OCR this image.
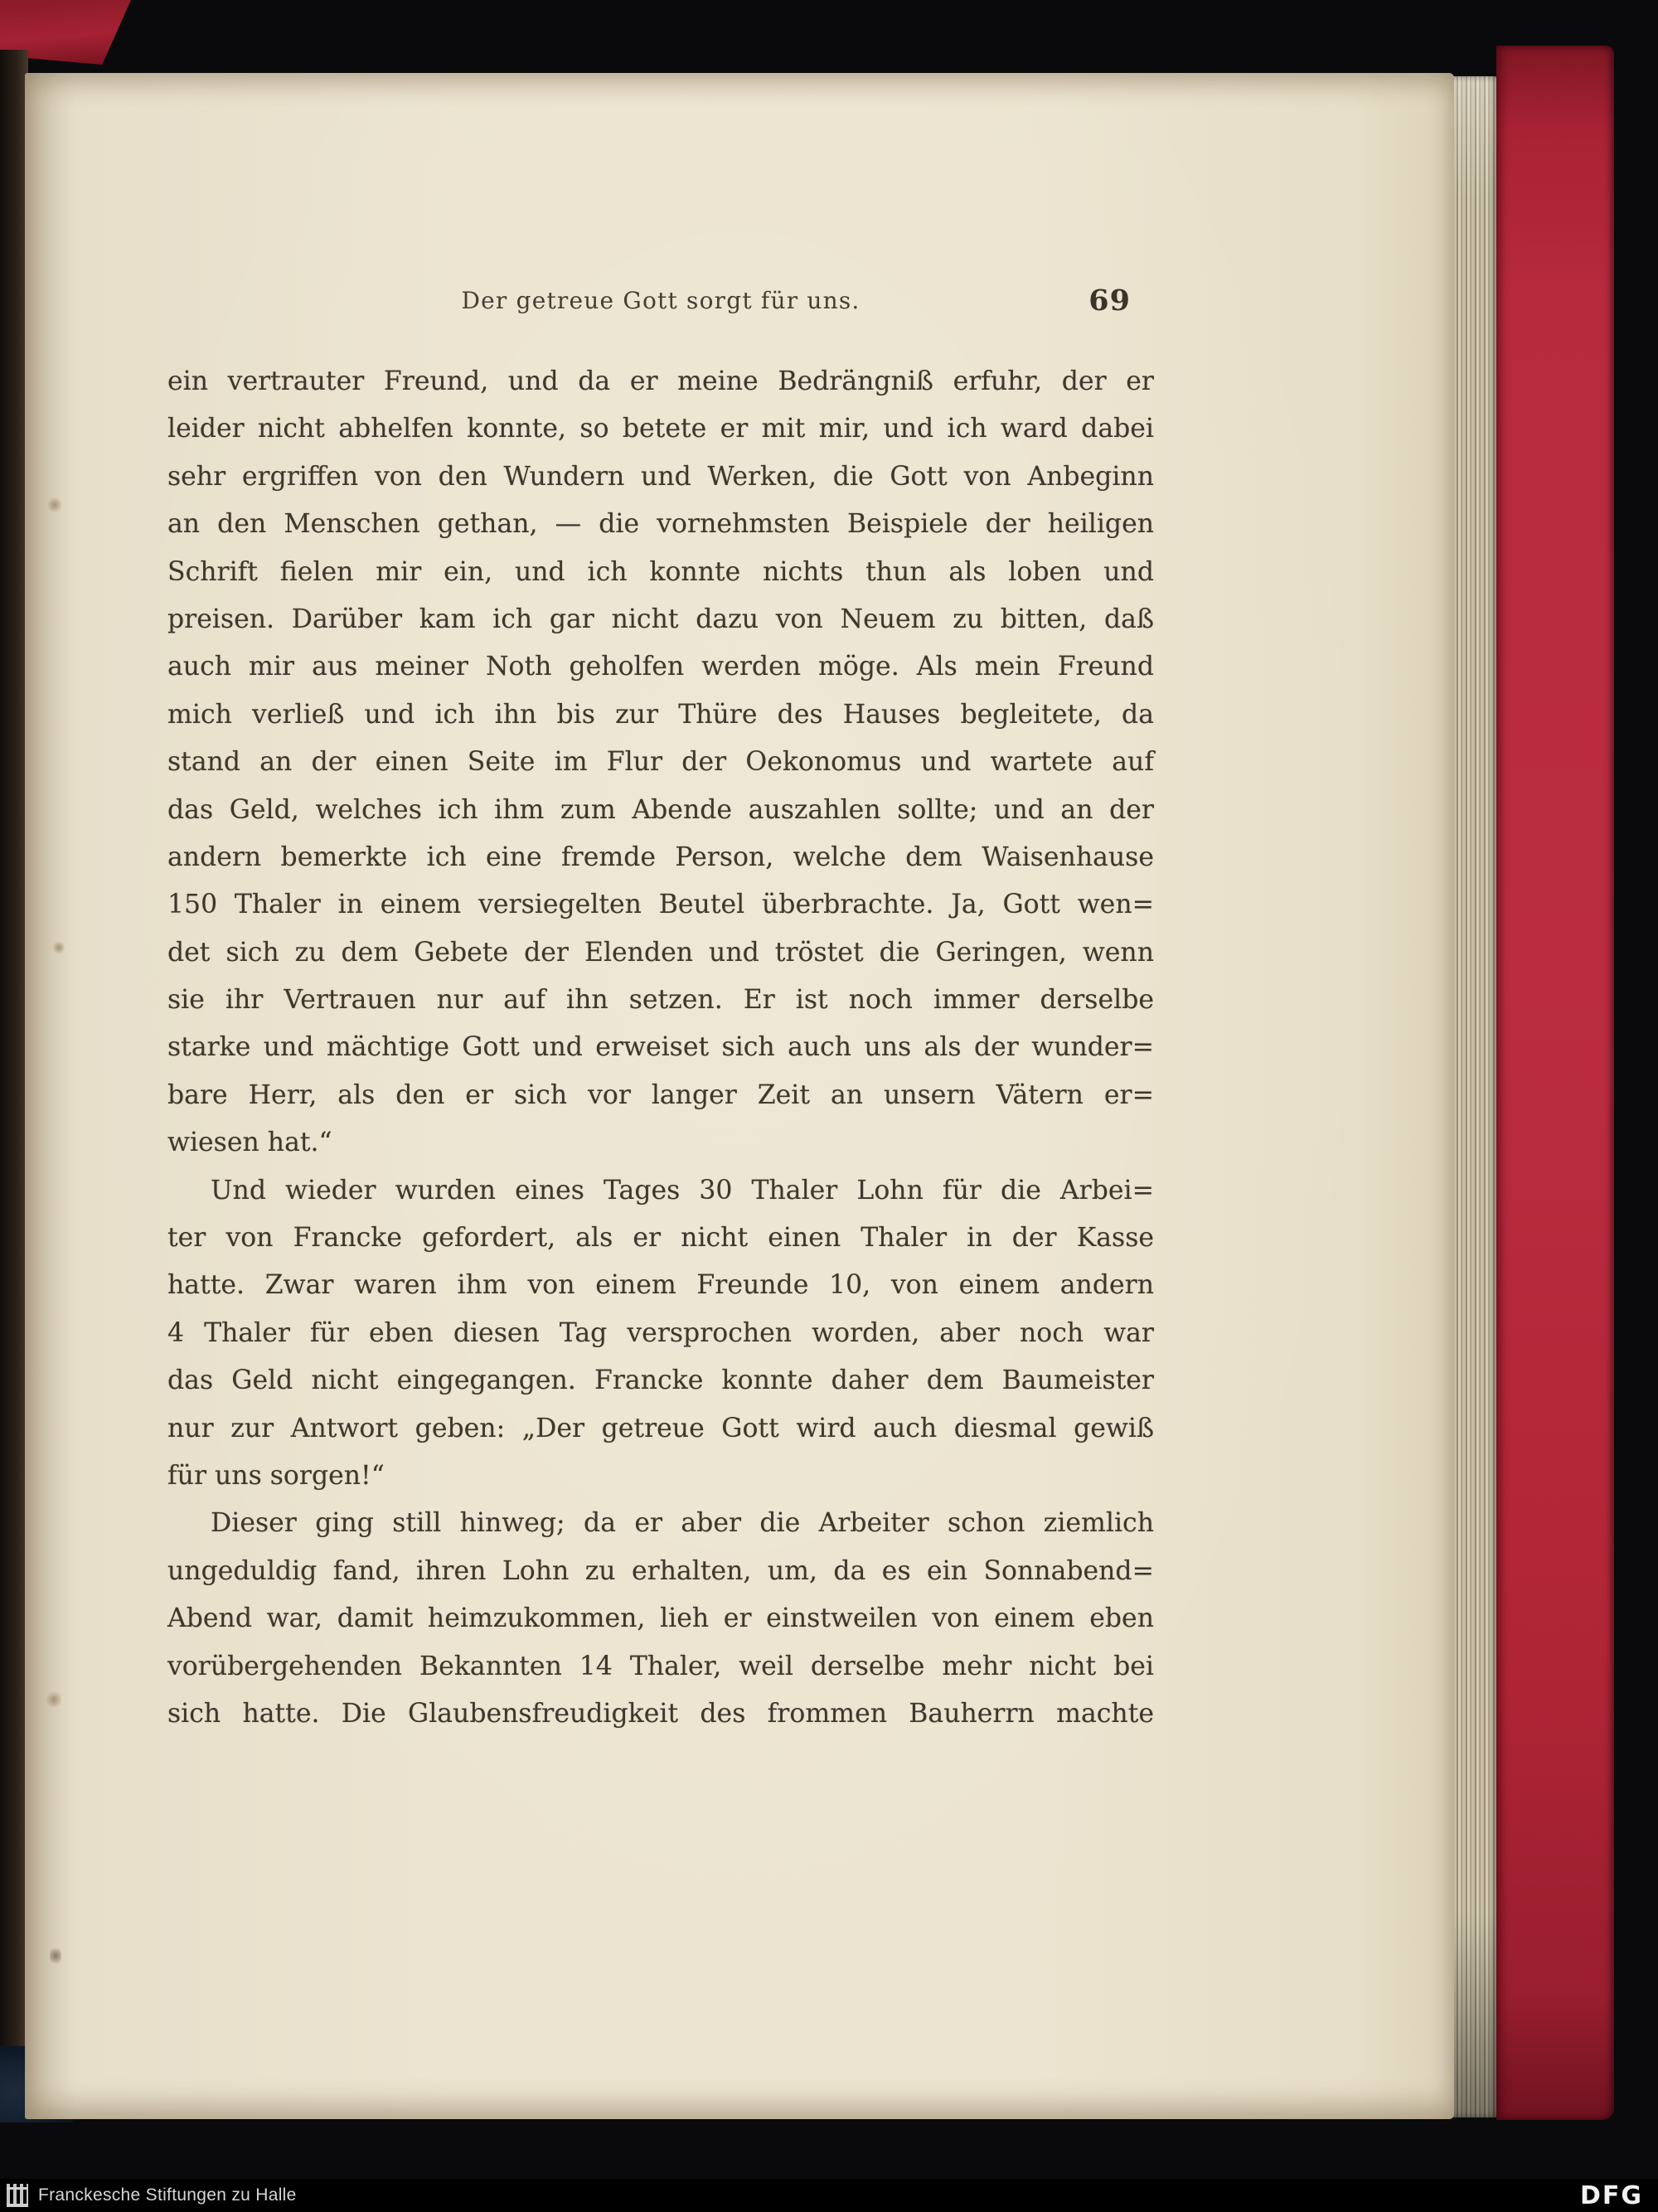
Der getreue Gott sorgt für uns.	69
ein vertrauter Freund, und da er meine Bedrängniß erfuhr, der er
leider nicht abhelfen konnte, so betete er mit mir, und ich ward dabei
sehr ergriffen von den Wundern und Werken, die Gott von Anbeginn
an den Menschen gethan, — die vornehmsten Beispiele der heiligen
Schrift fielen mir ein, und ich konnte nichts thun als loben und
preisen. Darüber kam ich gar nicht dazu von Neuem zu bitten, daß
auch mir aus meiner Noth geholfen werden möge. Als mein Freund
mich verließ und ich ihn bis zur Thüre des Hauses begleitete, da
stand an der einen Seite im Flur der Oekonomus und wartete auf
das Geld, welches ich ihm zum Abende auszahlen sollte; und an der
andern bemerkte ich eine fremde Person, welche dem Waisenhause
150 Thaler in einem versiegelten Beutel überbrachte. Ja, Gott wen=
det sich zu dem Gebete der Elenden und tröstet die Geringen, wenn
sie ihr Vertrauen nur auf ihn setzen. Er ist noch immer derselbe
starke und mächtige Gott und erweiset sich auch uns als der wunder=
bare Herr, als den er sich vor langer Zeit an unsern Vätern er=
wiesen hat.“
Und wieder wurden eines Tages 30 Thaler Lohn für die Arbei=
ter von Francke gefordert, als er nicht einen Thaler in der Kasse
hatte. Zwar waren ihm von einem Freunde 10, von einem andern
4 Thaler für eben diesen Tag versprochen worden, aber noch war
das Geld nicht eingegangen. Francke konnte daher dem Baumeister
nur zur Antwort geben: „Der getreue Gott wird auch diesmal gewiß
für uns sorgen!“
Dieser ging still hinweg; da er aber die Arbeiter schon ziemlich
ungeduldig fand, ihren Lohn zu erhalten, um, da es ein Sonnabend=
Abend war, damit heimzukommen, lieh er einstweilen von einem eben
vorübergehenden Bekannten 14 Thaler, weil derselbe mehr nicht bei
sich hatte. Die Glaubensfreudigkeit des frommen Bauherrn machte
Franckesche Stiftungen zu Halle	DFG
